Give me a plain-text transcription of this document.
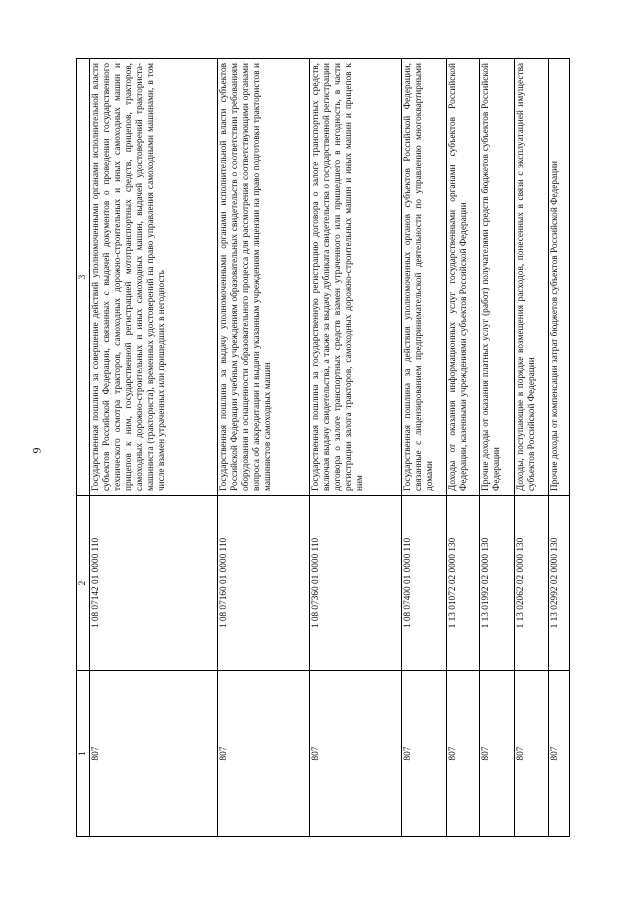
9
1	2	3
807	1 08 07142 01 0000 110	Государственная пошлина за совершение действий уполномоченными органами исполнительной власти субъектов Российской Федерации, связанных с выдачей документов о проведении государственного технического осмотра тракторов, самоходных дорожно-строительных и иных самоходных машин и прицепов к ним, государственной регистрацией мототранспортных средств, прицепов, тракторов, самоходных дорожно-строительных и иных самоходных машин, выдачей удостоверений тракториста-машиниста (тракториста), временных удостоверений на право управления самоходными машинами, в том числе взамен утраченных или пришедших в негодность
807	1 08 07160 01 0000 110	Государственная пошлина за выдачу уполномоченными органами исполнительной власти субъектов Российской Федерации учебным учреждениям образовательных свидетельств о соответствии требованиям оборудования и оснащенности образовательного процесса для рассмотрения соответствующими органами вопроса об аккредитации и выдачи указанным учреждениям лицензии на право подготовки трактористов и машинистов самоходных машин
807	1 08 07360 01 0000 110	Государственная пошлина за государственную регистрацию договора о залоге транспортных средств, включая выдачу свидетельства, а также за выдачу дубликата свидетельства о государственной регистрации договора о залоге транспортных средств взамен утраченного или пришедшего в негодность, в части регистрации залога тракторов, самоходных дорожно-строительных машин и иных машин и прицепов к ним
807	1 08 07400 01 0000 110	Государственная пошлина за действия уполномоченных органов субъектов Российской Федерации, связанные с лицензированием предпринимательской деятельности по управлению многоквартирными домами
807	1 13 01072 02 0000 130	Доходы от оказания информационных услуг государственными органами субъектов Российской Федерации, казенными учреждениями субъектов Российской Федерации
807	1 13 01992 02 0000 130	Прочие доходы от оказания платных услуг (работ) получателями средств бюджетов субъектов Российской Федерации
807	1 13 02062 02 0000 130	Доходы, поступающие в порядке возмещения расходов, понесенных в связи с эксплуатацией имущества субъектов Российской Федерации
807	1 13 02992 02 0000 130	Прочие доходы от компенсации затрат бюджетов субъектов Российской Федерации
